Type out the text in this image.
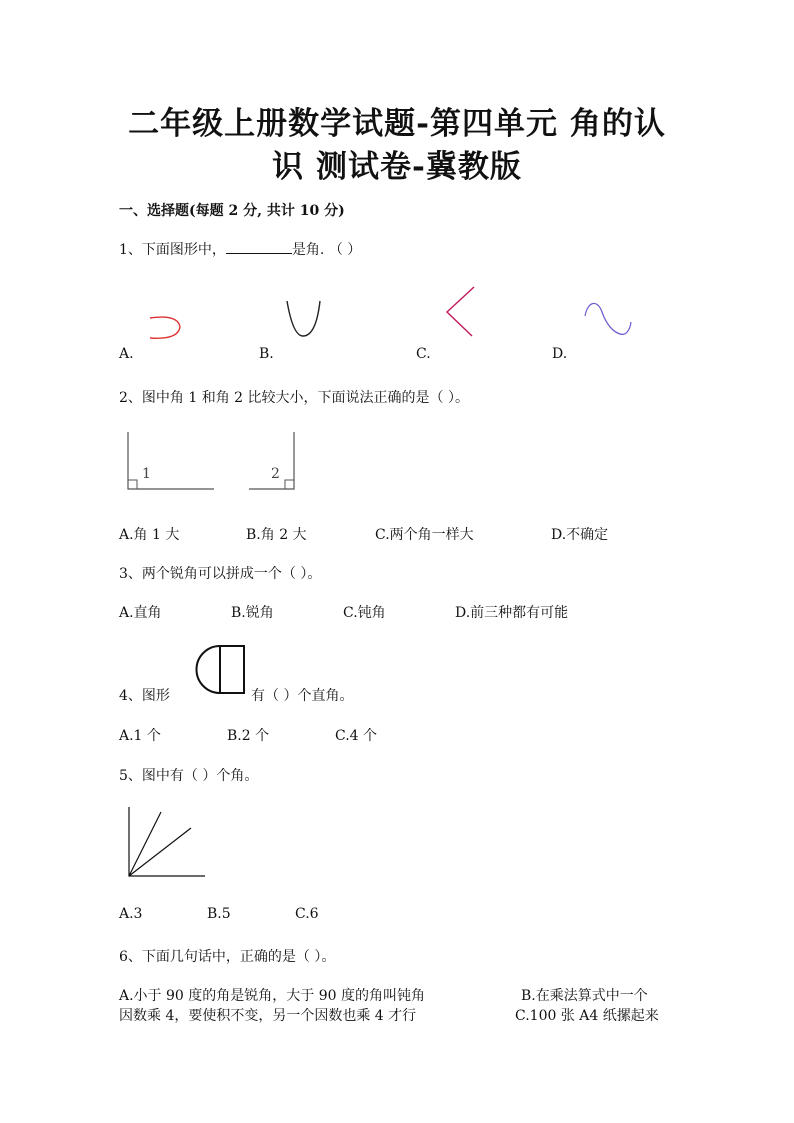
二年级上册数学试题-第四单元 角的认
识 测试卷-冀教版
一、选择题(每题 2 分, 共计 10 分)
1、下面图形中，	是角. （ ）
A.	B.	C.	D.
2、图中角 1 和角 2 比较大小，下面说法正确的是（ ）。
1	2
A.角 1 大	B.角 2 大	C.两个角一样大	D.不确定
3、两个锐角可以拼成一个（ ）。
A.直角	B.锐角	C.钝角	D.前三种都有可能
4、图形	有（ ）个直角。
A.1 个	B.2 个	C.4 个
5、图中有（ ）个角。
A.3	B.5	C.6
6、下面几句话中，正确的是（ ）。
A.小于 90 度的角是锐角，大于 90 度的角叫钝角	B.在乘法算式中一个
因数乘 4，要使积不变，另一个因数也乘 4 才行	C.100 张 A4 纸摞起来
